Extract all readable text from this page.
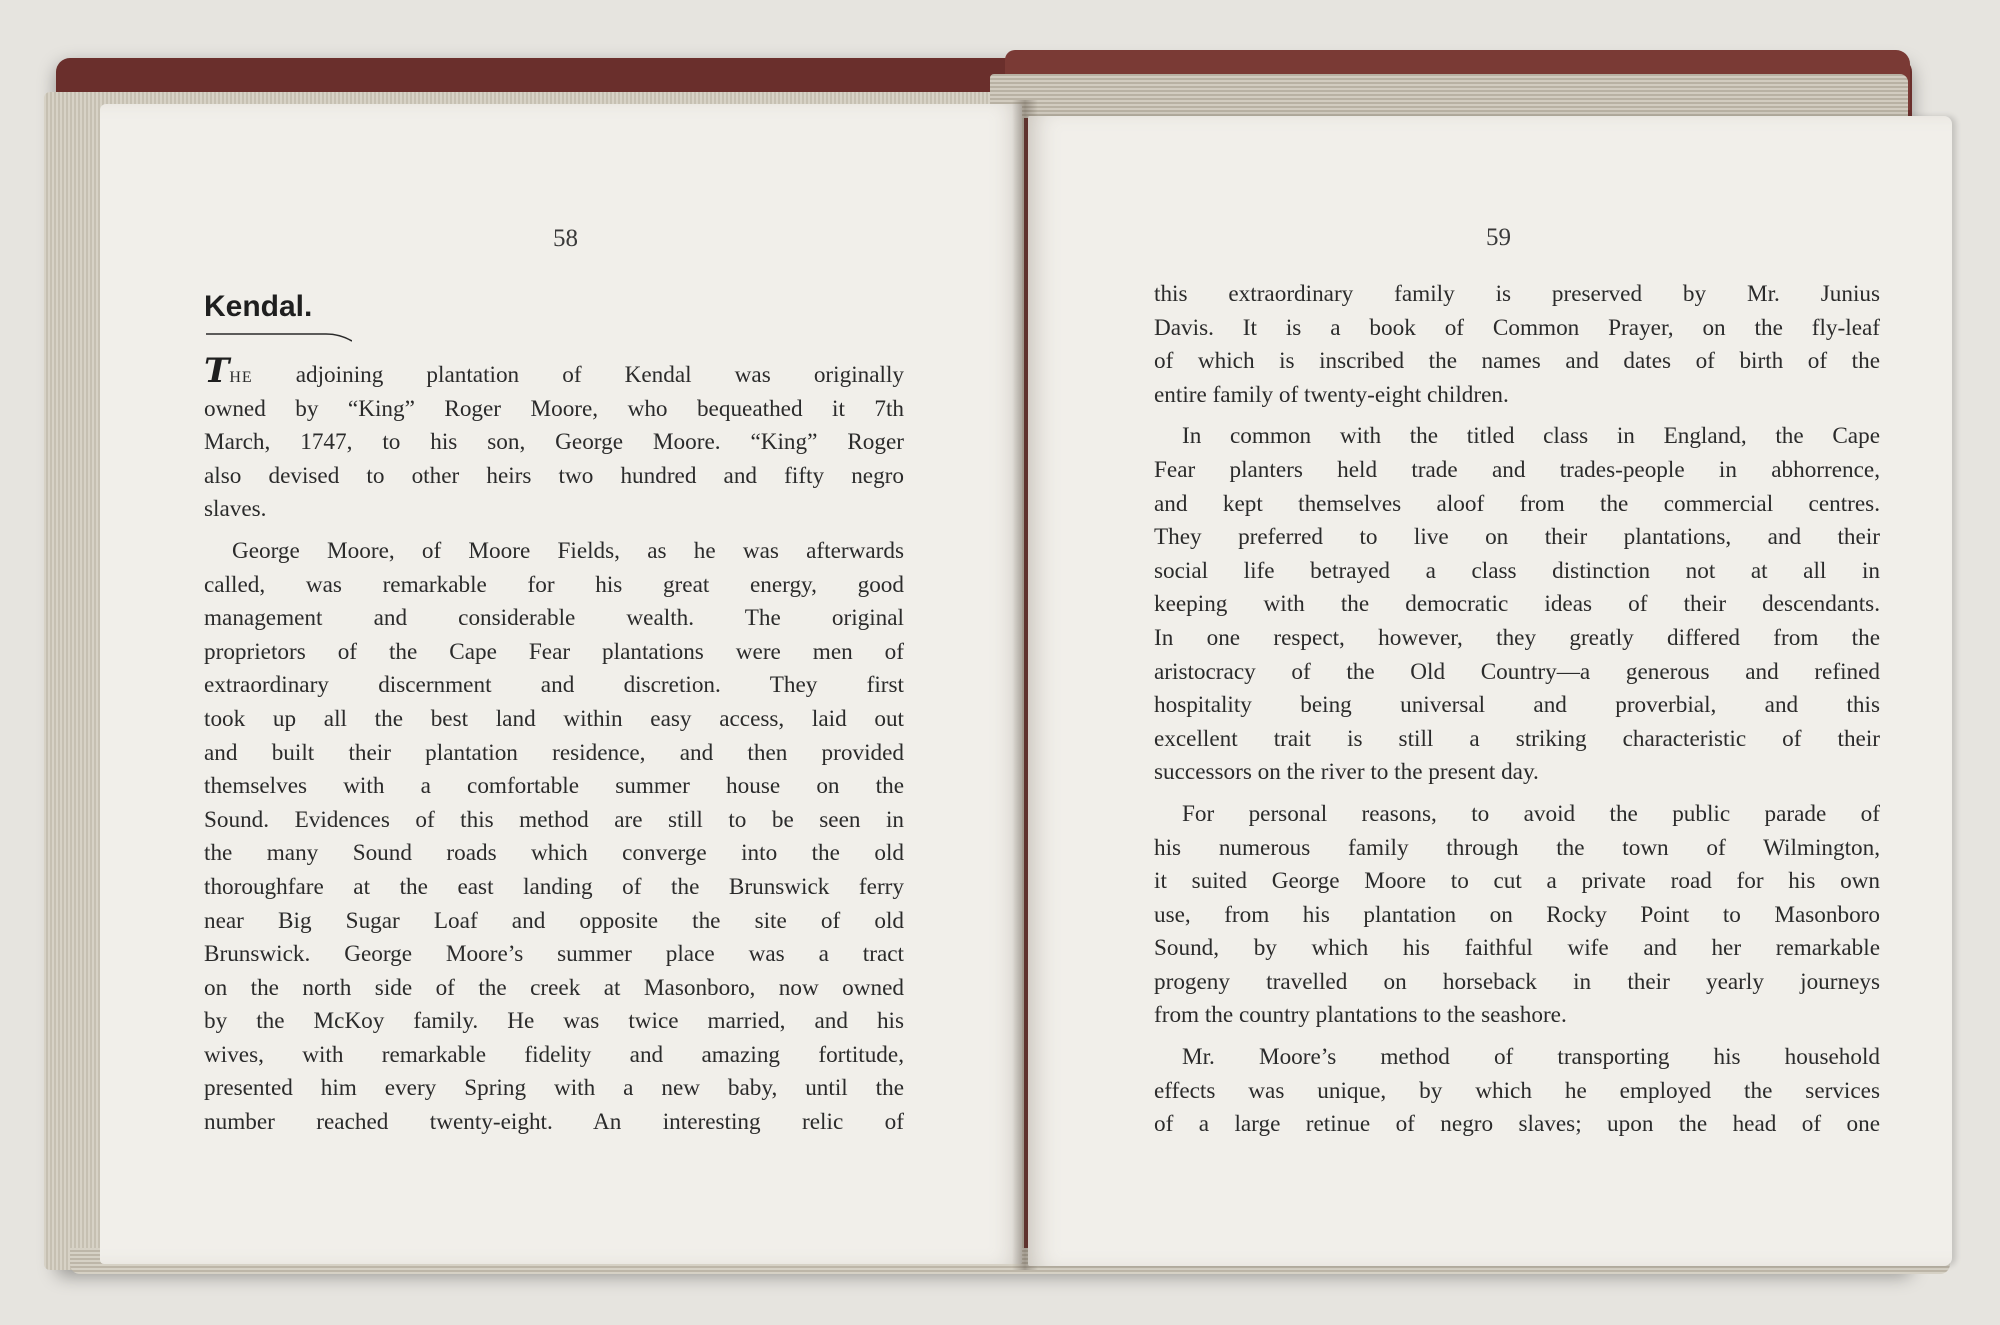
58
Kendal.

The adjoining plantation of Kendal was originally

owned by “King” Roger Moore, who bequeathed it 7th

March, 1747, to his son, George Moore. “King” Roger

also devised to other heirs two hundred and fifty negro

slaves.

George Moore, of Moore Fields, as he was afterwards

called, was remarkable for his great energy, good

management and considerable wealth. The original

proprietors of the Cape Fear plantations were men of

extraordinary discernment and discretion. They first

took up all the best land within easy access, laid out

and built their plantation residence, and then provided

themselves with a comfortable summer house on the

Sound. Evidences of this method are still to be seen in

the many Sound roads which converge into the old

thoroughfare at the east landing of the Brunswick ferry

near Big Sugar Loaf and opposite the site of old

Brunswick. George Moore’s summer place was a tract

on the north side of the creek at Masonboro, now owned

by the McKoy family. He was twice married, and his

wives, with remarkable fidelity and amazing fortitude,

presented him every Spring with a new baby, until the

number reached twenty-eight. An interesting relic of

59

this extraordinary family is preserved by Mr. Junius

Davis. It is a book of Common Prayer, on the fly-leaf

of which is inscribed the names and dates of birth of the

entire family of twenty-eight children.

In common with the titled class in England, the Cape

Fear planters held trade and trades-people in abhorrence,

and kept themselves aloof from the commercial centres.

They preferred to live on their plantations, and their

social life betrayed a class distinction not at all in

keeping with the democratic ideas of their descendants.

In one respect, however, they greatly differed from the

aristocracy of the Old Country—a generous and refined

hospitality being universal and proverbial, and this

excellent trait is still a striking characteristic of their

successors on the river to the present day.

For personal reasons, to avoid the public parade of

his numerous family through the town of Wilmington,

it suited George Moore to cut a private road for his own

use, from his plantation on Rocky Point to Masonboro

Sound, by which his faithful wife and her remarkable

progeny travelled on horseback in their yearly journeys

from the country plantations to the seashore.

Mr. Moore’s method of transporting his household

effects was unique, by which he employed the services

of a large retinue of negro slaves; upon the head of one
